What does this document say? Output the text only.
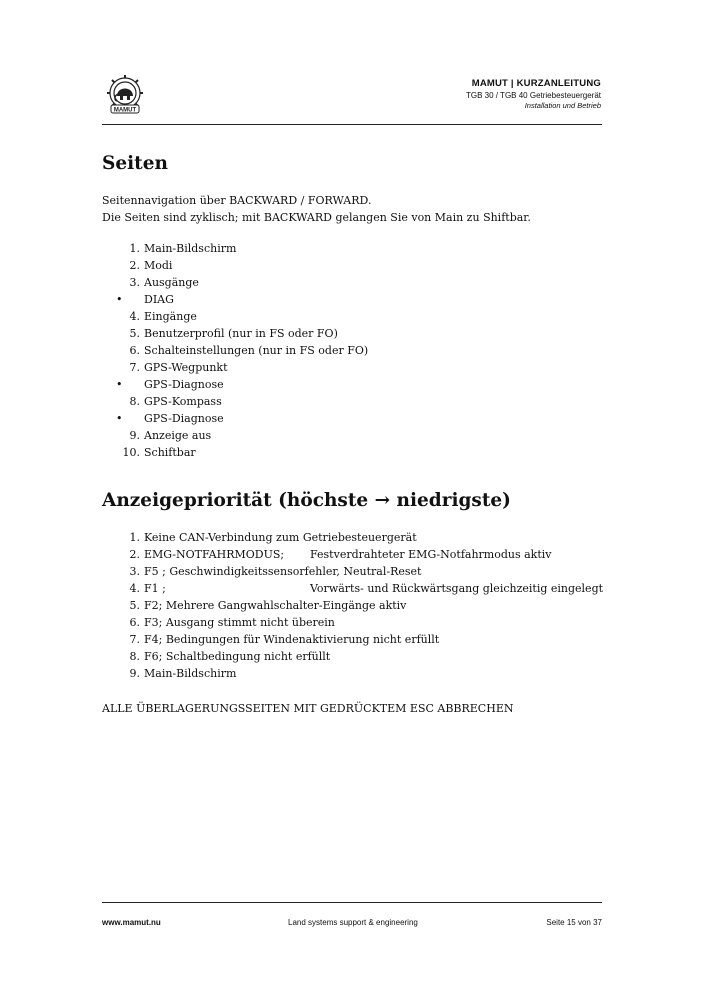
MAMUT
MAMUT | KURZANLEITUNG
TGB 30 / TGB 40 Getriebesteuergerät
Installation und Betrieb
Seiten

Seitennavigation über BACKWARD / FORWARD.

Die Seiten sind zyklisch; mit BACKWARD gelangen Sie von Main zu Shiftbar.

1. Main-Bildschirm
2. Modi
3. Ausgänge
•	DIAG
4. Eingänge
5. Benutzerprofil (nur in FS oder FO)
6. Schalteinstellungen (nur in FS oder FO)
7. GPS-Wegpunkt
•	GPS-Diagnose
8. GPS-Kompass
•	GPS-Diagnose
9. Anzeige aus
10. Schiftbar
Anzeigepriorität (höchste → niedrigste)
1. Keine CAN-Verbindung zum Getriebesteuergerät
2. EMG-NOTFAHRMODUS; Festverdrahteter EMG-Notfahrmodus aktiv
3. F5 ; Geschwindigkeitssensorfehler, Neutral-Reset
4. F1 ;	Vorwärts- und Rückwärtsgang gleichzeitig eingelegt
5. F2; Mehrere Gangwahlschalter-Eingänge aktiv
6. F3; Ausgang stimmt nicht überein
7. F4; Bedingungen für Windenaktivierung nicht erfüllt
8. F6; Schaltbedingung nicht erfüllt
9. Main-Bildschirm

ALLE ÜBERLAGERUNGSSEITEN MIT GEDRÜCKTEM ESC ABBRECHEN

www.mamut.nu	Land systems support & engineering	Seite 15 von 37
